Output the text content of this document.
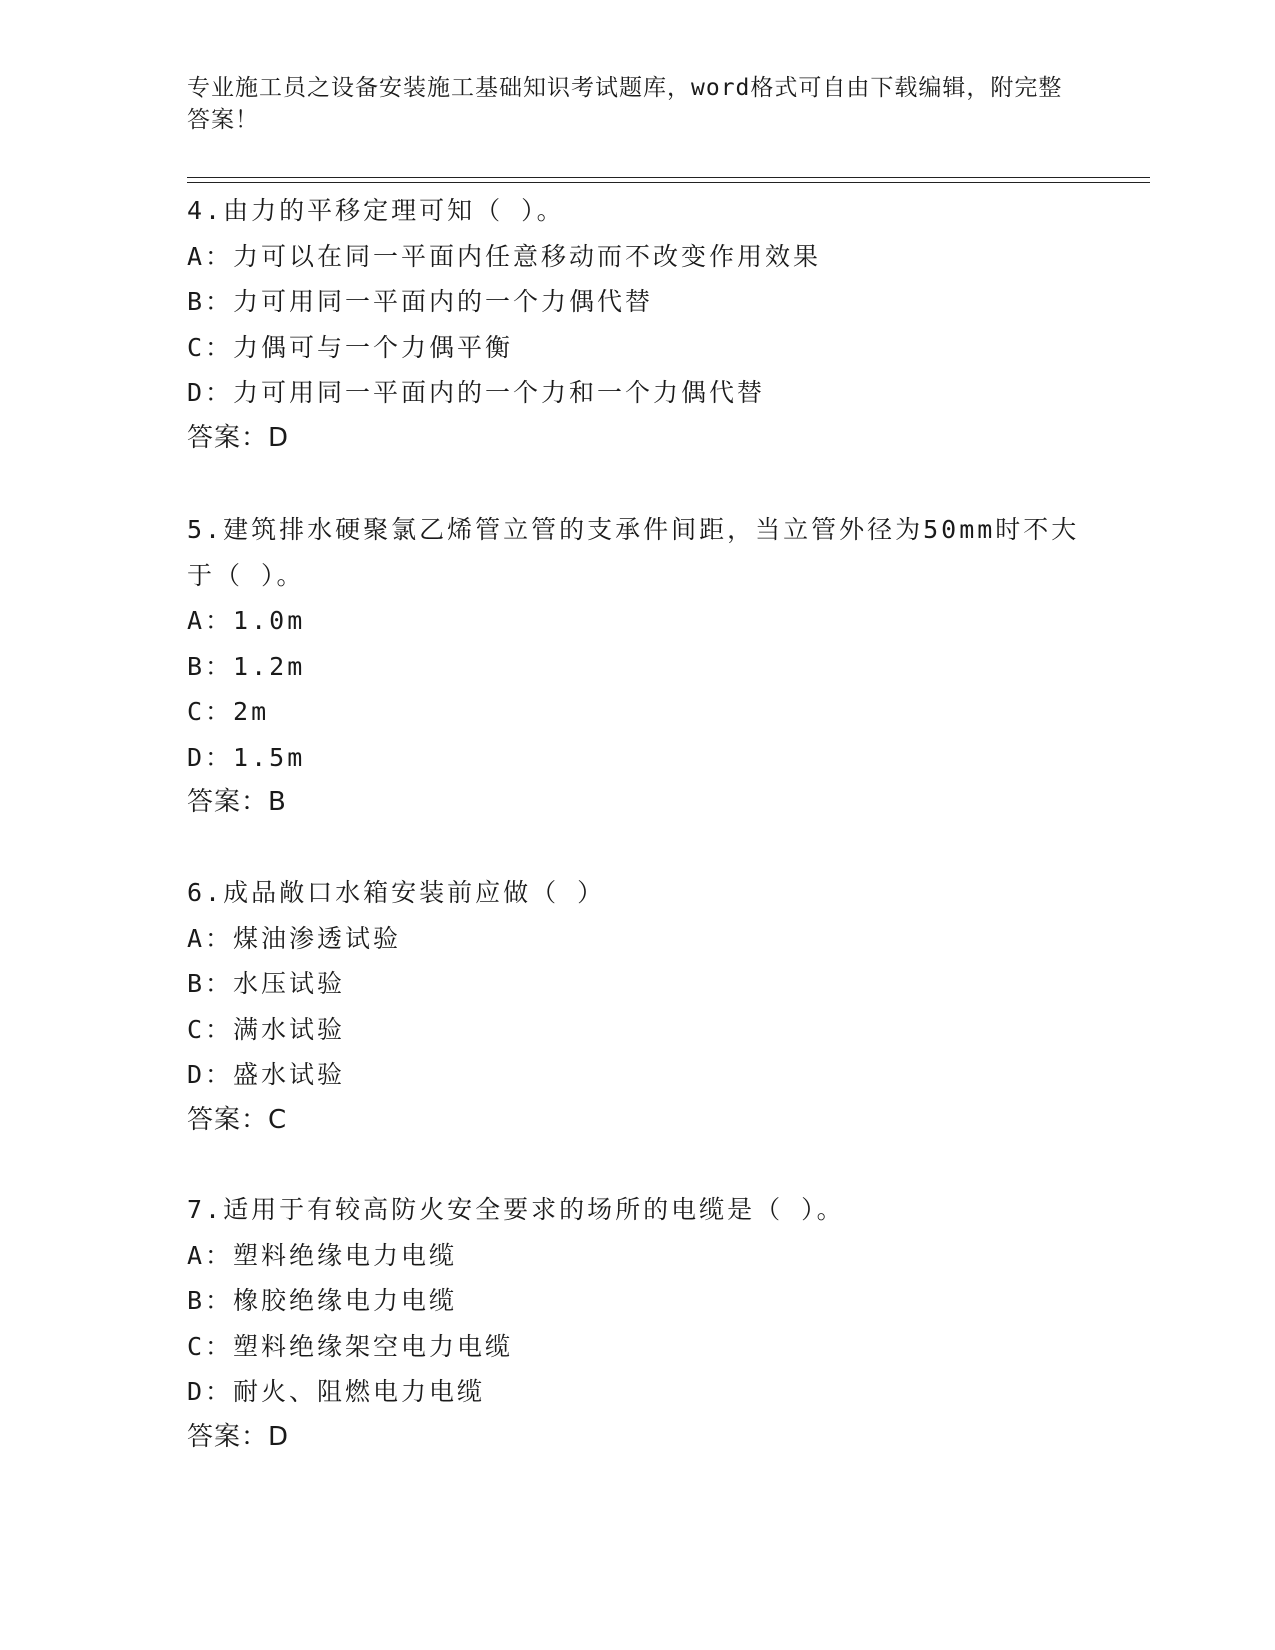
专业施工员之设备安装施工基础知识考试题库，word格式可自由下载编辑，附完整答案！
4.由力的平移定理可知（ ）。
A：力可以在同一平面内任意移动而不改变作用效果
B：力可用同一平面内的一个力偶代替
C：力偶可与一个力偶平衡
D：力可用同一平面内的一个力和一个力偶代替
答案：D
5.建筑排水硬聚氯乙烯管立管的支承件间距，当立管外径为50mm时不大于（ ）。
A：1.0m
B：1.2m
C：2m
D：1.5m
答案：B
6.成品敞口水箱安装前应做（ ）
A：煤油渗透试验
B：水压试验
C：满水试验
D：盛水试验
答案：C
7.适用于有较高防火安全要求的场所的电缆是（ ）。
A：塑料绝缘电力电缆
B：橡胶绝缘电力电缆
C：塑料绝缘架空电力电缆
D：耐火、阻燃电力电缆
答案：D
